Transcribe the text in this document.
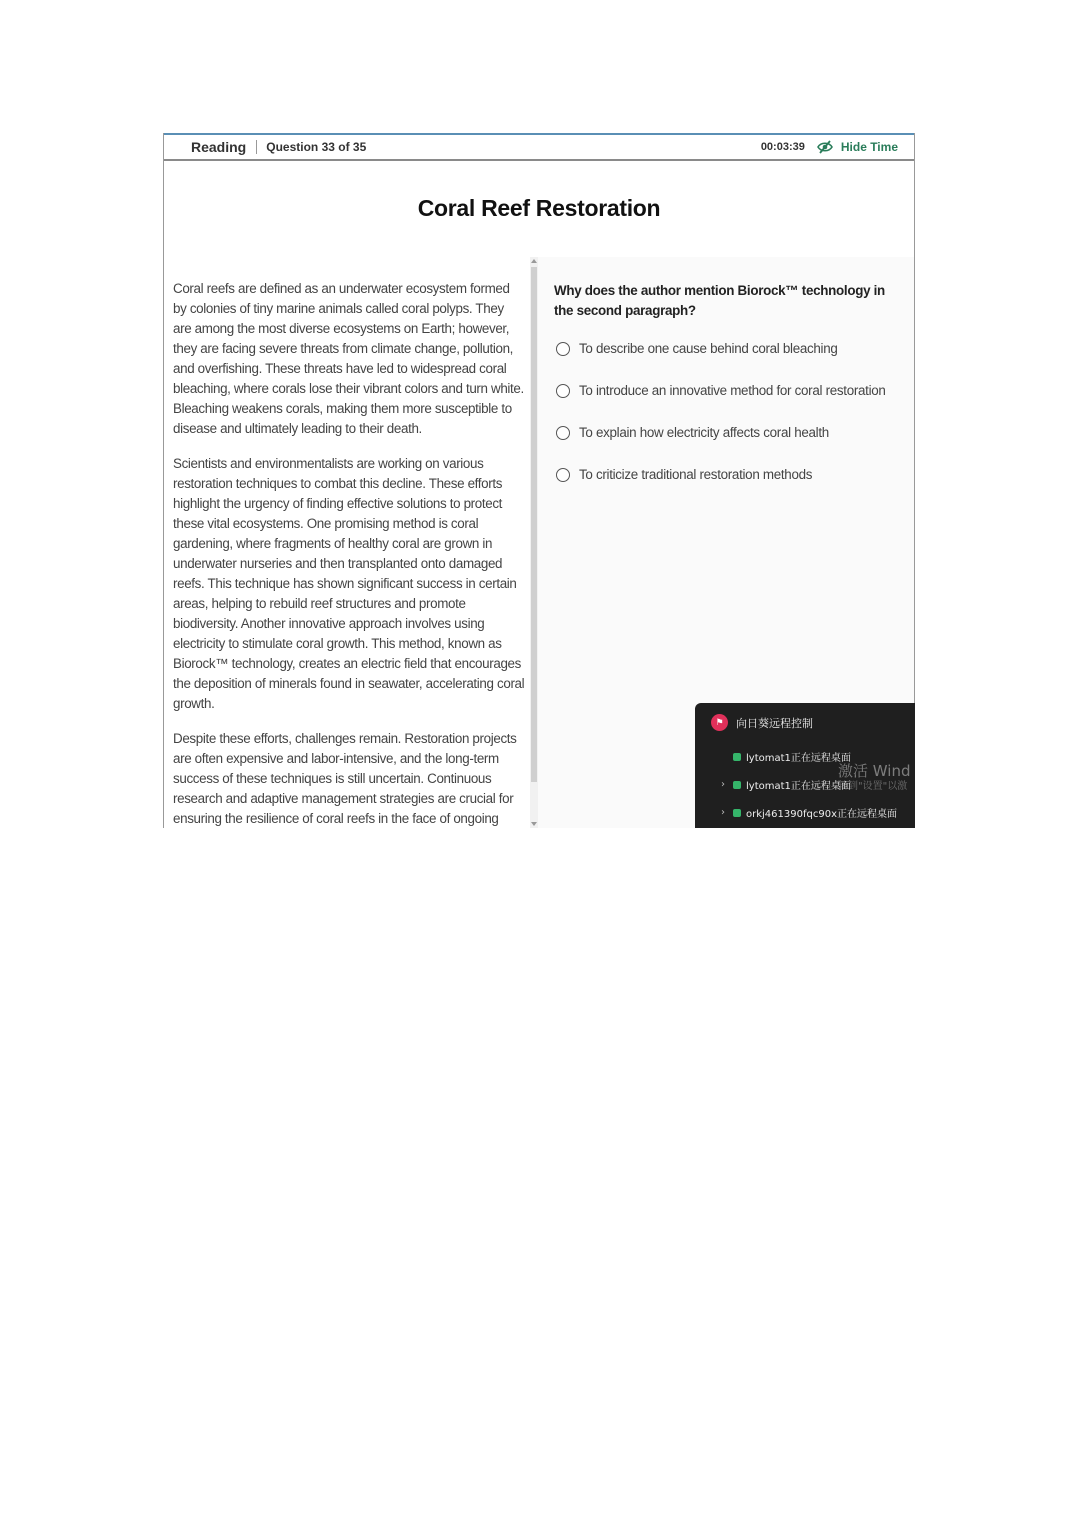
Reading Question 33 of 35	00:03:39	Hide Time
Coral Reef Restoration

Coral reefs are defined as an underwater ecosystem formed by colonies of tiny marine animals called coral polyps. They are among the most diverse ecosystems on Earth; however, they are facing severe threats from climate change, pollution, and overfishing. These threats have led to widespread coral bleaching, where corals lose their vibrant colors and turn white. Bleaching weakens corals, making them more susceptible to disease and ultimately leading to their death.

Scientists and environmentalists are working on various restoration techniques to combat this decline. These efforts highlight the urgency of finding effective solutions to protect these vital ecosystems. One promising method is coral gardening, where fragments of healthy coral are grown in underwater nurseries and then transplanted onto damaged reefs. This technique has shown significant success in certain areas, helping to rebuild reef structures and promote biodiversity. Another innovative approach involves using electricity to stimulate coral growth. This method, known as Biorock™ technology, creates an electric field that encourages the deposition of minerals found in seawater, accelerating coral growth.

Despite these efforts, challenges remain. Restoration projects are often expensive and labor-intensive, and the long-term success of these techniques is still uncertain. Continuous research and adaptive management strategies are crucial for ensuring the resilience of coral reefs in the face of ongoing

Why does the author mention Biorock™ technology in the second paragraph?
To describe one cause behind coral bleaching
To introduce an innovative method for coral restoration
To explain how electricity affects coral health
To criticize traditional restoration methods
⚑	向日葵远程控制
lytomat1正在远程桌面
›	lytomat1正在远程桌面
›	orkj461390fqc90x正在远程桌面
激活 Wind
转到"设置"以激
